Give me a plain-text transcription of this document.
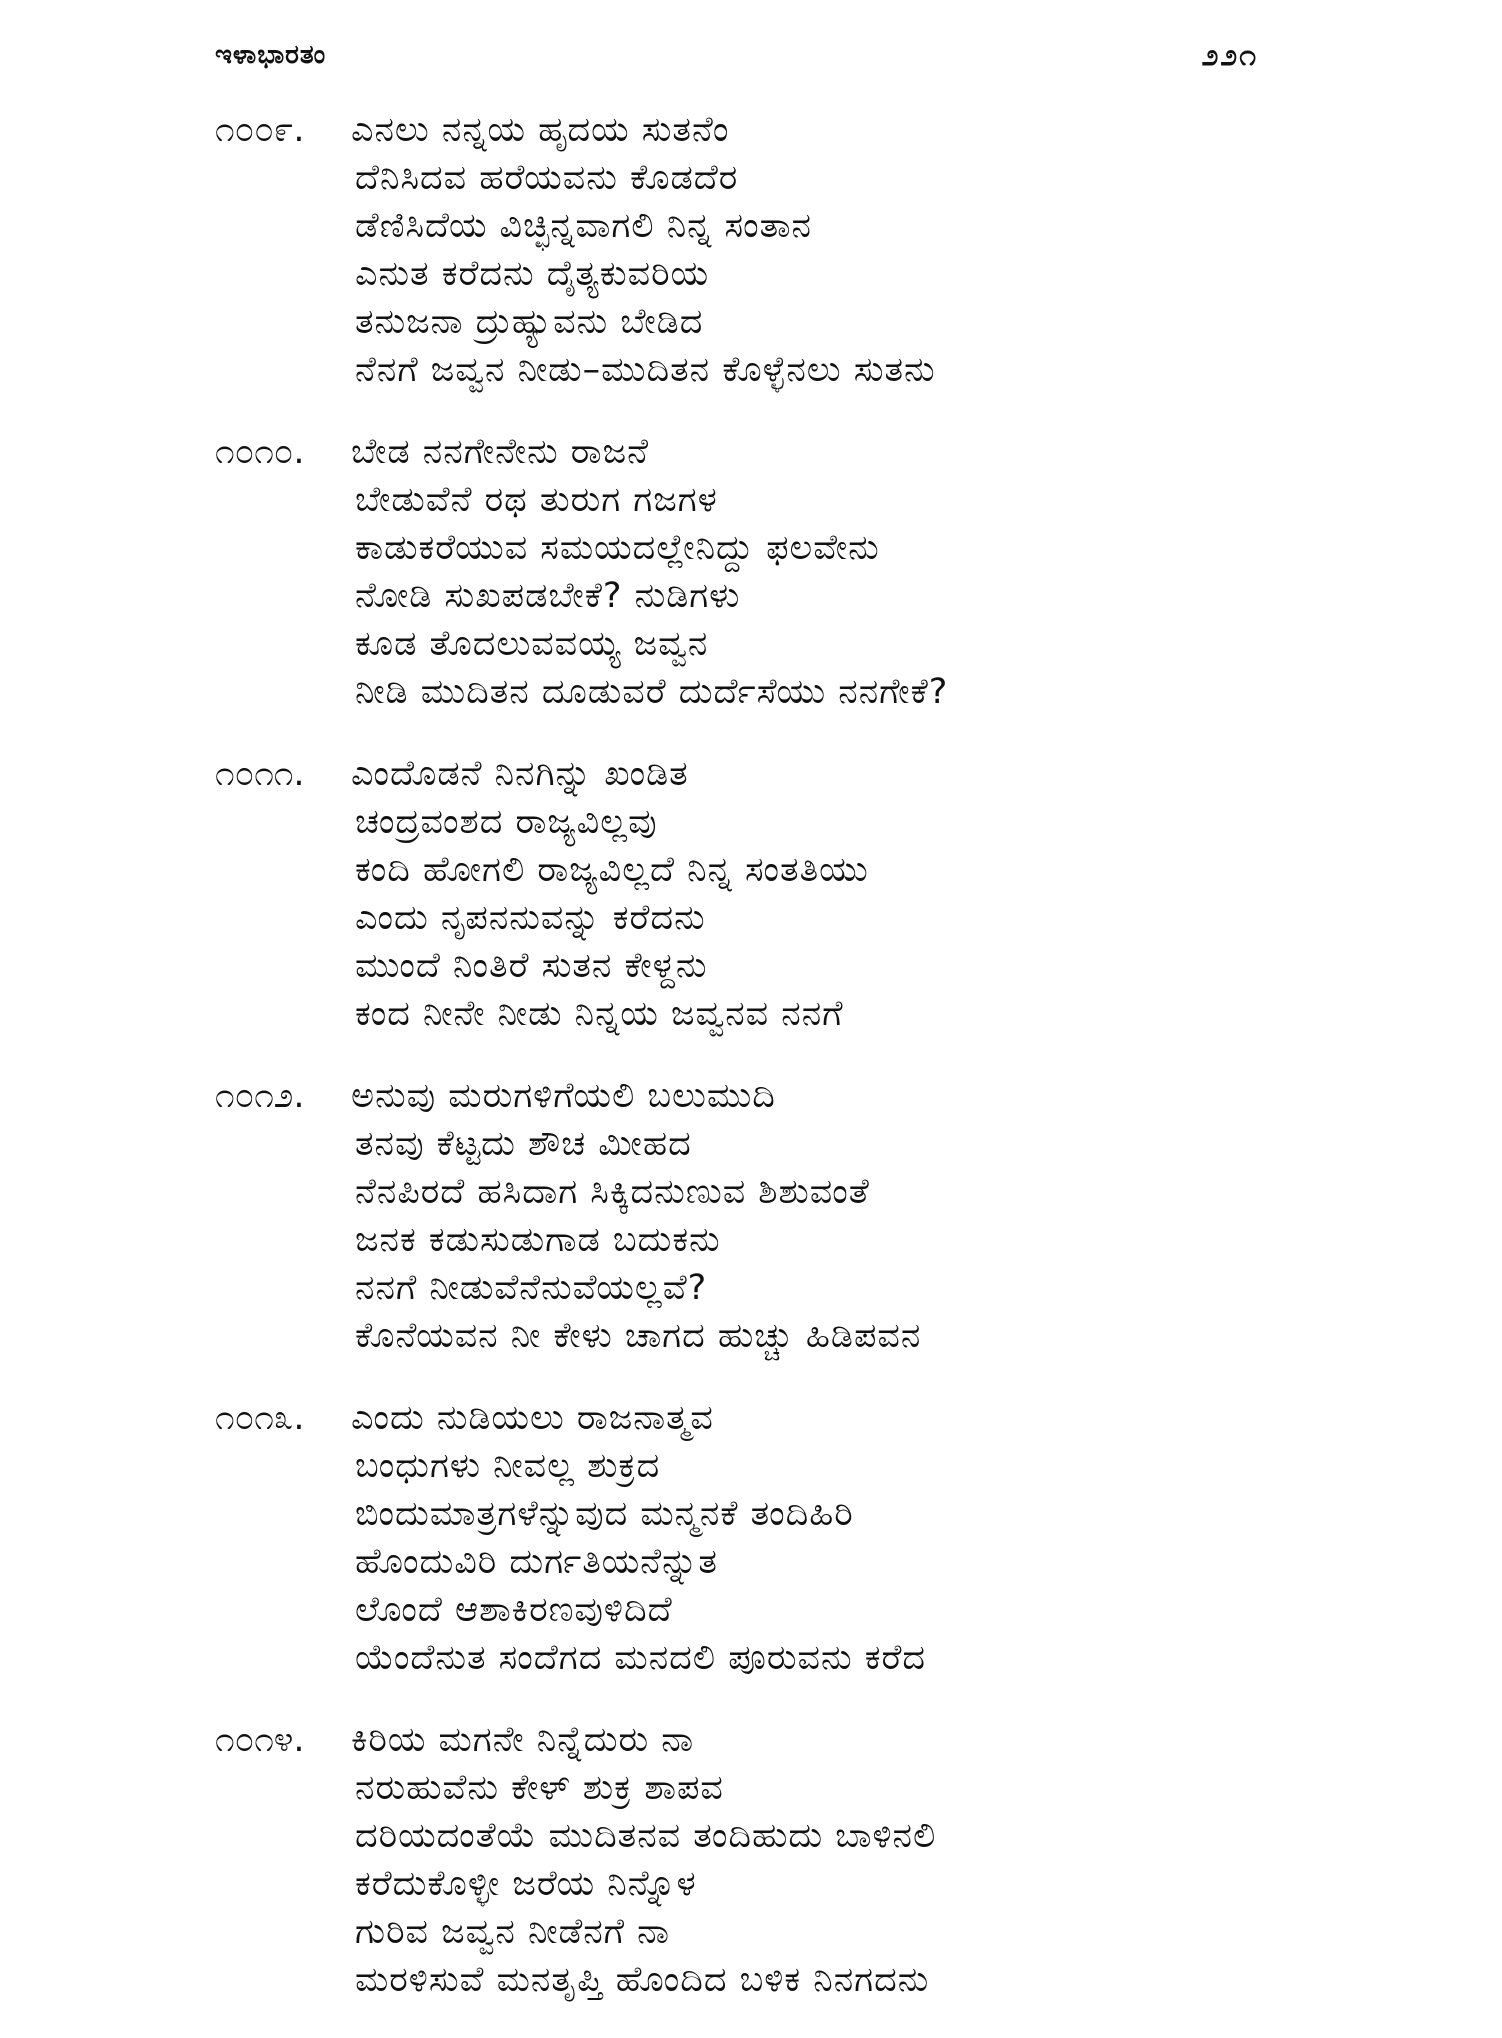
ಇಳಾಭಾರತಂ	೨೨೧
೧೦೦೯.	ಎನಲು ನನ್ನಯ ಹೃದಯ ಸುತನೆಂ
ದೆನಿಸಿದವ ಹರೆಯವನು ಕೊಡದೆರ
ಡೆಣಿಸಿದೆಯ ವಿಚ್ಛಿನ್ನವಾಗಲಿ ನಿನ್ನ ಸಂತಾನ
ಎನುತ ಕರೆದನು ದೈತ್ಯಕುವರಿಯ
ತನುಜನಾ ದ್ರುಹ್ಯುವನು ಬೇಡಿದ
ನೆನಗೆ ಜವ್ವನ ನೀಡು–ಮುದಿತನ ಕೊಳ್ಳೆನಲು ಸುತನು
೧೦೧೦.	ಬೇಡ ನನಗೇನೇನು ರಾಜನೆ
ಬೇಡುವೆನೆ ರಥ ತುರುಗ ಗಜಗಳ
ಕಾಡುಕರೆಯುವ ಸಮಯದಲ್ಲೇನಿದ್ದು ಫಲವೇನು
ನೋಡಿ ಸುಖಪಡಬೇಕೆ? ನುಡಿಗಳು
ಕೂಡ ತೊದಲುವವಯ್ಯ ಜವ್ವನ
ನೀಡಿ ಮುದಿತನ ದೂಡುವರೆ ದುರ್ದೆಸೆಯು ನನಗೇಕೆ?
೧೦೧೧.	ಎಂದೊಡನೆ ನಿನಗಿನ್ನು ಖಂಡಿತ
ಚಂದ್ರವಂಶದ ರಾಜ್ಯವಿಲ್ಲವು
ಕಂದಿ ಹೋಗಲಿ ರಾಜ್ಯವಿಲ್ಲದೆ ನಿನ್ನ ಸಂತತಿಯು
ಎಂದು ನೃಪನನುವನ್ನು ಕರೆದನು
ಮುಂದೆ ನಿಂತಿರೆ ಸುತನ ಕೇಳ್ದನು
ಕಂದ ನೀನೇ ನೀಡು ನಿನ್ನಯ ಜವ್ವನವ ನನಗೆ
೧೦೧೨.	ಅನುವು ಮರುಗಳಿಗೆಯಲಿ ಬಲುಮುದಿ
ತನವು ಕೆಟ್ಟದು ಶೌಚ ಮೀಹದ
ನೆನಪಿರದೆ ಹಸಿದಾಗ ಸಿಕ್ಕಿದನುಣುವ ಶಿಶುವಂತೆ
ಜನಕ ಕಡುಸುಡುಗಾಡ ಬದುಕನು
ನನಗೆ ನೀಡುವೆನೆನುವೆಯಲ್ಲವೆ?
ಕೊನೆಯವನ ನೀ ಕೇಳು ಚಾಗದ ಹುಚ್ಚು ಹಿಡಿಪವನ
೧೦೧೩.	ಎಂದು ನುಡಿಯಲು ರಾಜನಾತ್ಮವ
ಬಂಧುಗಳು ನೀವಲ್ಲ ಶುಕ್ರದ
ಬಿಂದುಮಾತ್ರಗಳೆನ್ನುವುದ ಮನ್ಮನಕೆ ತಂದಿಹಿರಿ
ಹೊಂದುವಿರಿ ದುರ್ಗತಿಯನೆನ್ನುತ
ಲೊಂದೆ ಆಶಾಕಿರಣವುಳಿದಿದೆ
ಯೆಂದೆನುತ ಸಂದೆಗದ ಮನದಲಿ ಪೂರುವನು ಕರೆದ
೧೦೧೪.	ಕಿರಿಯ ಮಗನೇ ನಿನ್ನೆದುರು ನಾ
ನರುಹುವೆನು ಕೇಳ್ ಶುಕ್ರ ಶಾಪವ
ದರಿಯದಂತೆಯೆ ಮುದಿತನವ ತಂದಿಹುದು ಬಾಳಿನಲಿ
ಕರೆದುಕೊಳ್ಳೀ ಜರೆಯ ನಿನ್ನೊಳ
ಗುರಿವ ಜವ್ವನ ನೀಡೆನಗೆ ನಾ
ಮರಳಿಸುವೆ ಮನತೃಪ್ತಿ ಹೊಂದಿದ ಬಳಿಕ ನಿನಗದನು
